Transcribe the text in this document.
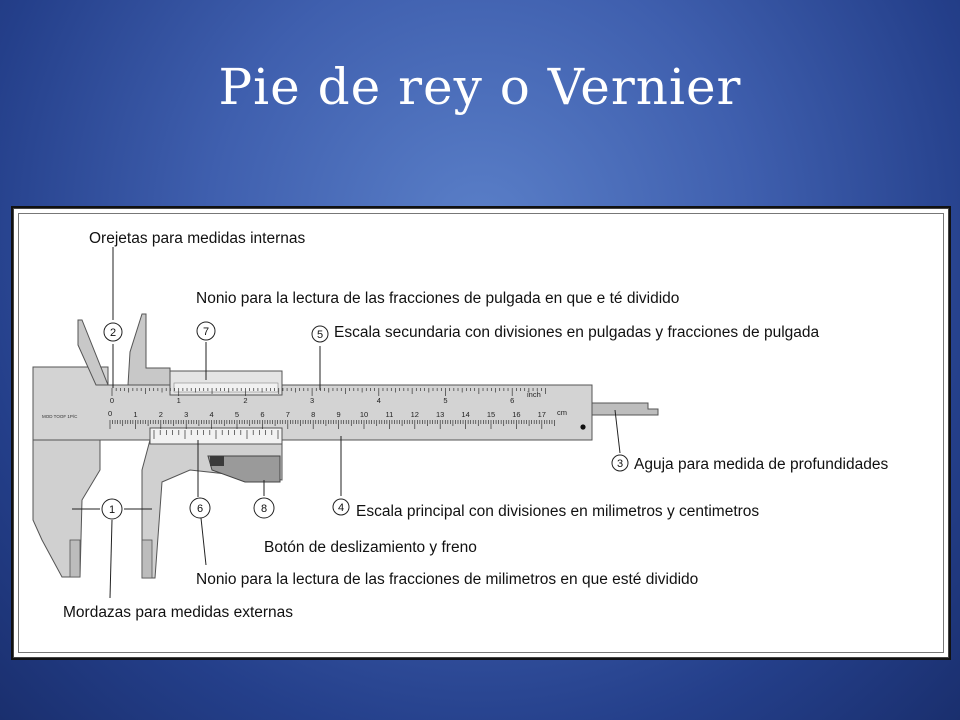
Pie de rey o Vernier
0	1	2	3	4	5	6	7	8	9	10 11 12 13 14 15 16 17 cm
0	1	2	3	4	5	6
inch
MOD TOOF 1P/C
2	7	5
3
4
1	6	8
Orejetas para medidas internas
Nonio para la lectura de las fracciones de pulgada en que e té dividido
Escala secundaria con divisiones en pulgadas y fracciones de pulgada
Aguja para medida de profundidades
Escala principal con divisiones en milimetros y centimetros
Botón de deslizamiento y freno
Nonio para la lectura de las fracciones de milimetros en que esté dividido
Mordazas para medidas externas
